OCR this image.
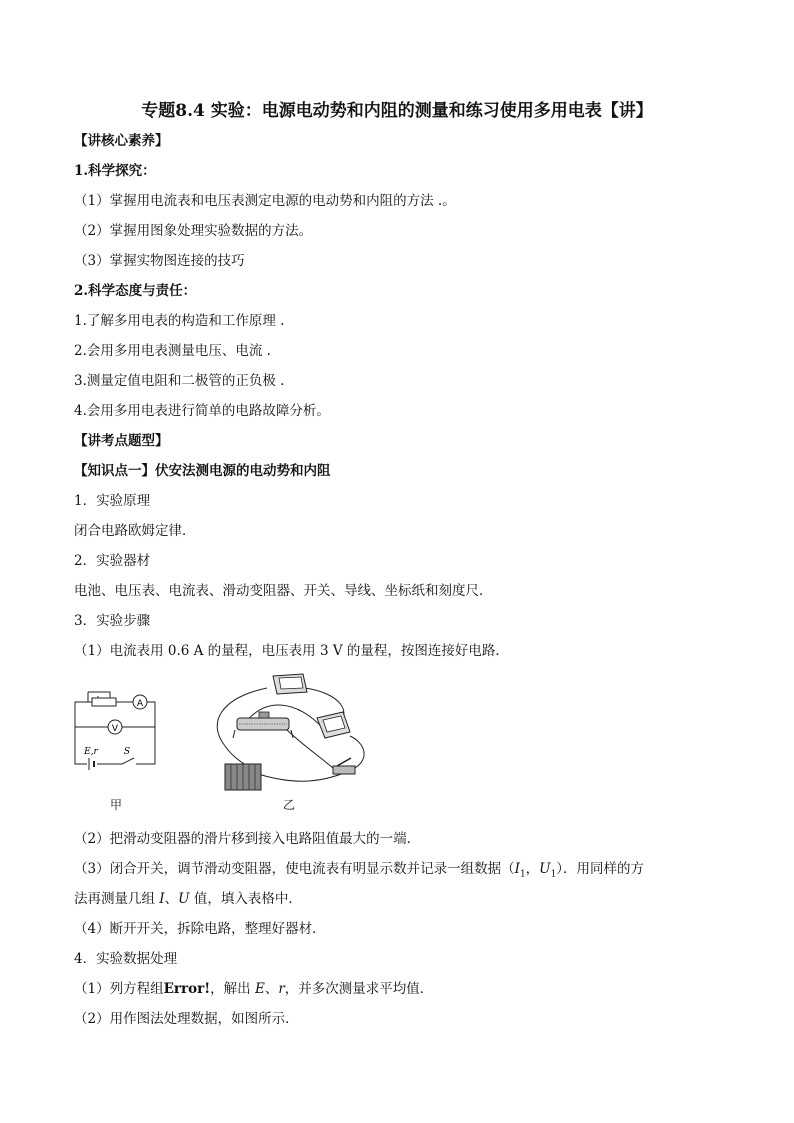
专题8.4 实验：电源电动势和内阻的测量和练习使用多用电表【讲】
【讲核心素养】
1.科学探究：
（1）掌握用电流表和电压表测定电源的电动势和内阻的方法 .。
（2）掌握用图象处理实验数据的方法。
（3）掌握实物图连接的技巧
2.科学态度与责任：
1.了解多用电表的构造和工作原理 .
2.会用多用电表测量电压、电流 .
3.测量定值电阻和二极管的正负极 .
4.会用多用电表进行简单的电路故障分析。
【讲考点题型】
【知识点一】伏安法测电源的电动势和内阻
1．实验原理
闭合电路欧姆定律．
2．实验器材
电池、电压表、电流表、滑动变阻器、开关、导线、坐标纸和刻度尺．
3．实验步骤
（1）电流表用 0.6 A 的量程，电压表用 3 V 的量程，按图连接好电路．
A
V
E,r	S
甲	乙
（2）把滑动变阻器的滑片移到接入电路阻值最大的一端．
（3）闭合开关，调节滑动变阻器，使电流表有明显示数并记录一组数据（$I_1$，$U_1$）．用同样的方
法再测量几组 I、U 值，填入表格中．
（4）断开开关，拆除电路，整理好器材．
4．实验数据处理
（1）列方程组Error!，解出 E、r，并多次测量求平均值．
（2）用作图法处理数据，如图所示．
